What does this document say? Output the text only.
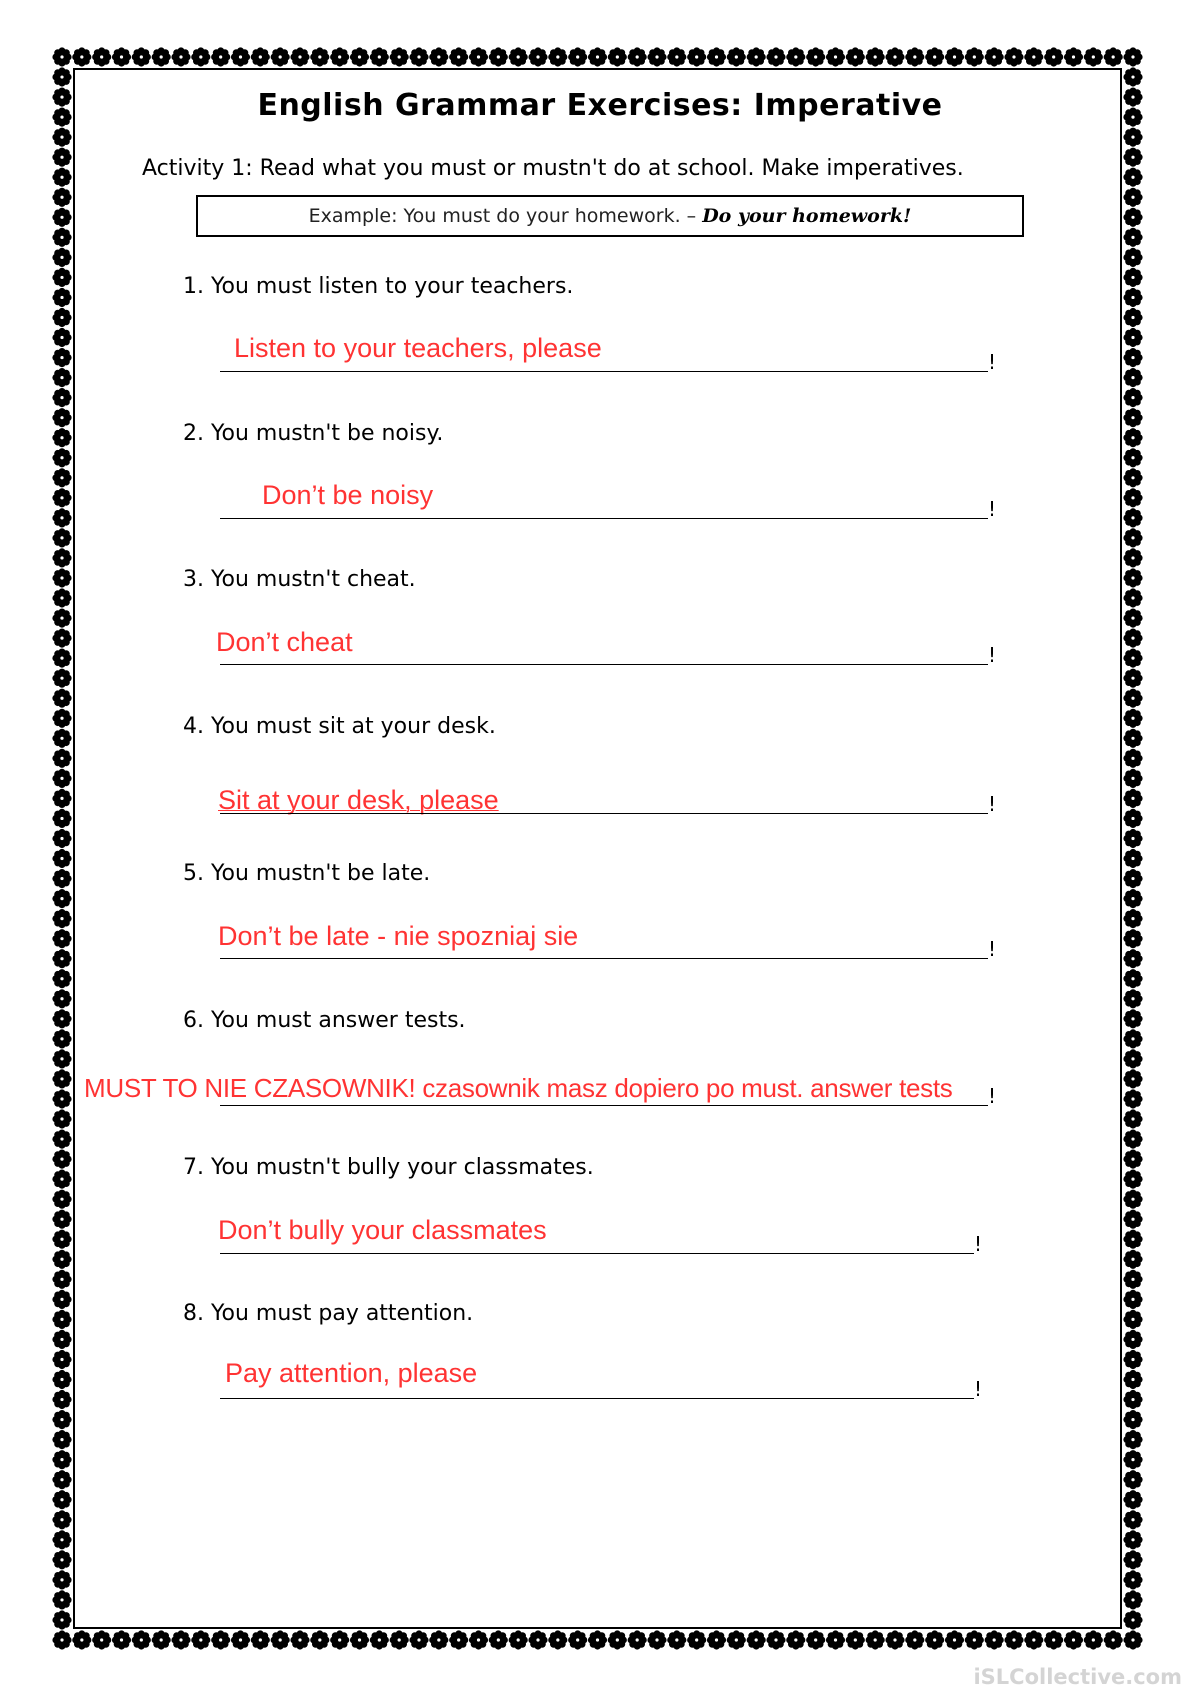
English Grammar Exercises: Imperative
Activity 1: Read what you must or mustn't do at school. Make imperatives.
Example: You must do your homework. – Do your homework!
1. You must listen to your teachers.
Listen to your teachers, please	!
2. You mustn't be noisy.
Don’t be noisy	!
3. You mustn't cheat.
Don’t cheat	!
4. You must sit at your desk.
Sit at your desk, please	!
5. You mustn't be late.
Don’t be late - nie spozniaj sie	!
6. You must answer tests.
!
MUST TO NIE CZASOWNIK! czasownik masz dopiero po must. answer tests
7. You mustn't bully your classmates.
Don’t bully your classmates	!
8. You must pay attention.
Pay attention, please
!
iSLCollective.com
